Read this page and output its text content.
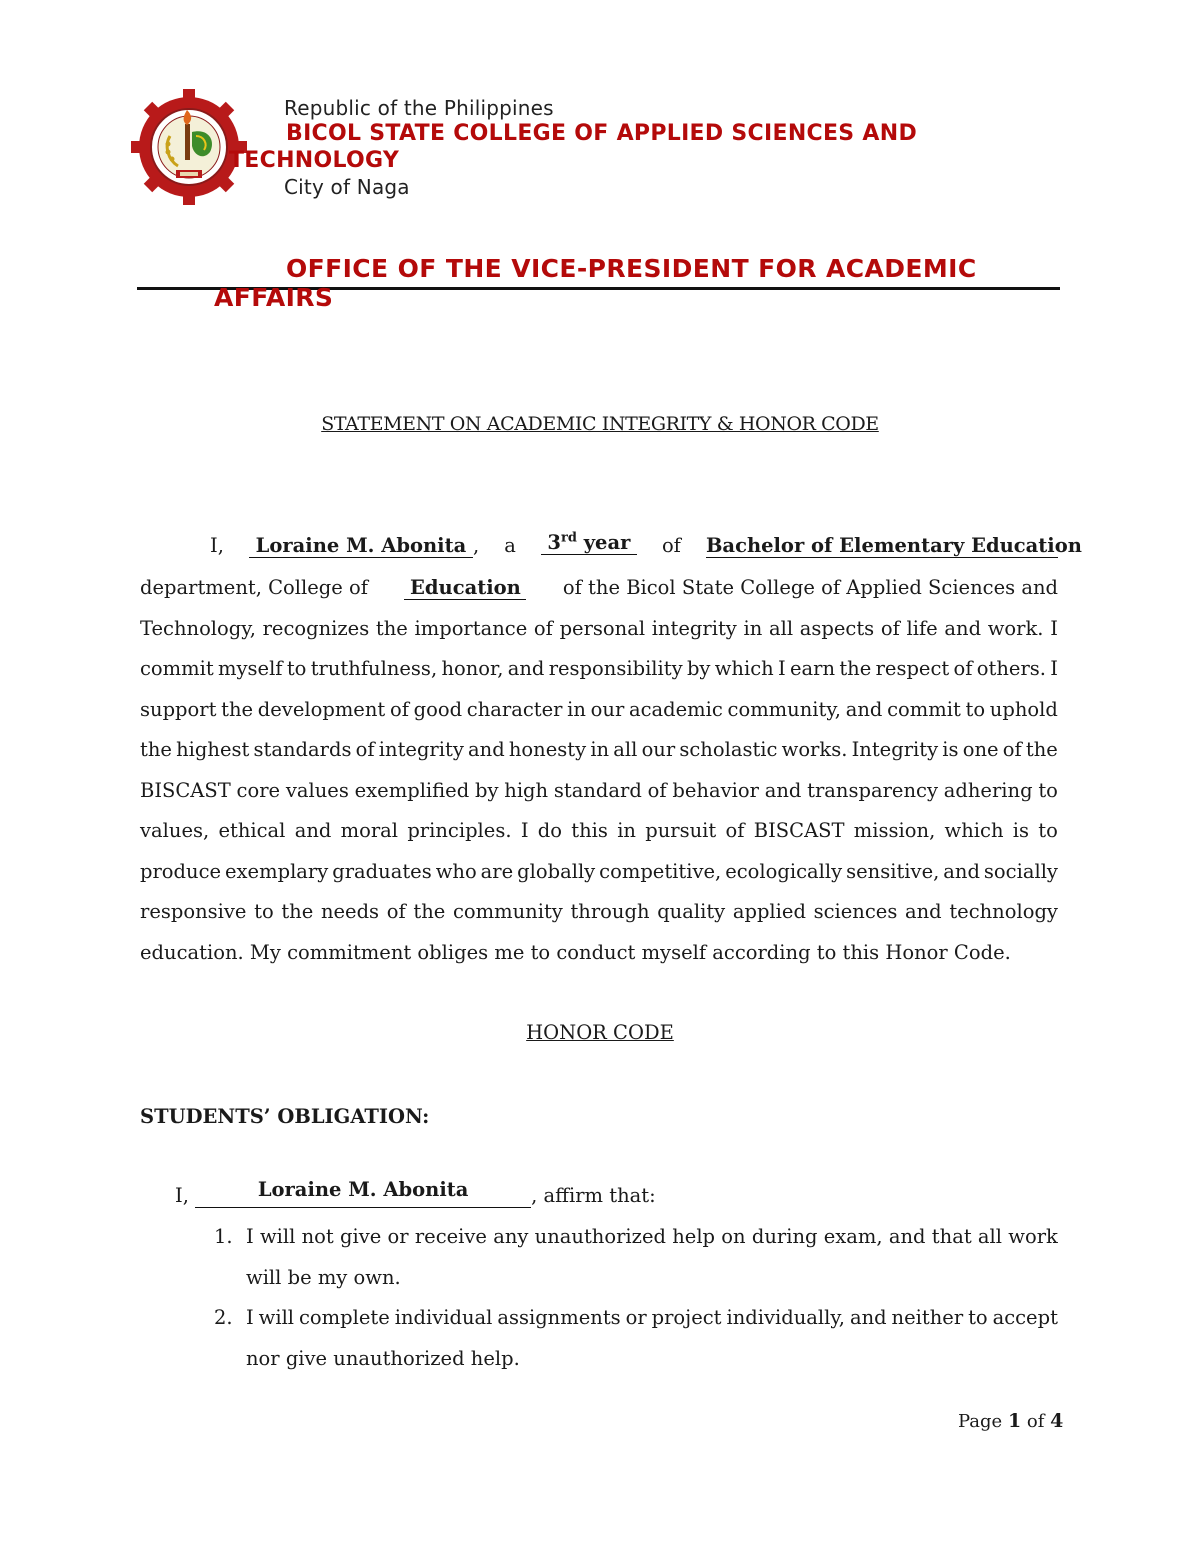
Republic of the Philippines
BICOL STATE COLLEGE OF APPLIED SCIENCES AND
TECHNOLOGY
City of Naga
OFFICE OF THE VICE-PRESIDENT FOR ACADEMIC
AFFAIRS
STATEMENT ON ACADEMIC INTEGRITY & HONOR CODE
I,	Loraine M. Abonita , a	3rd year	of Bachelor of Elementary Education
department, College of Education of the Bicol State College of Applied Sciences and
Technology, recognizes the importance of personal integrity in all aspects of life and work. I
commit myself to truthfulness, honor, and responsibility by which I earn the respect of others. I
support the development of good character in our academic community, and commit to uphold
the highest standards of integrity and honesty in all our scholastic works. Integrity is one of the
BISCAST core values exemplified by high standard of behavior and transparency adhering to
values, ethical and moral principles. I do this in pursuit of BISCAST mission, which is to
produce exemplary graduates who are globally competitive, ecologically sensitive, and socially
responsive to the needs of the community through quality applied sciences and technology
education. My commitment obliges me to conduct myself according to this Honor Code.
HONOR CODE
STUDENTS’ OBLIGATION:
I,	Loraine M. Abonita	, affirm that:
1. I will not give or receive any unauthorized help on during exam, and that all work
will be my own.
2. I will complete individual assignments or project individually, and neither to accept
nor give unauthorized help.
Page 1 of 4
